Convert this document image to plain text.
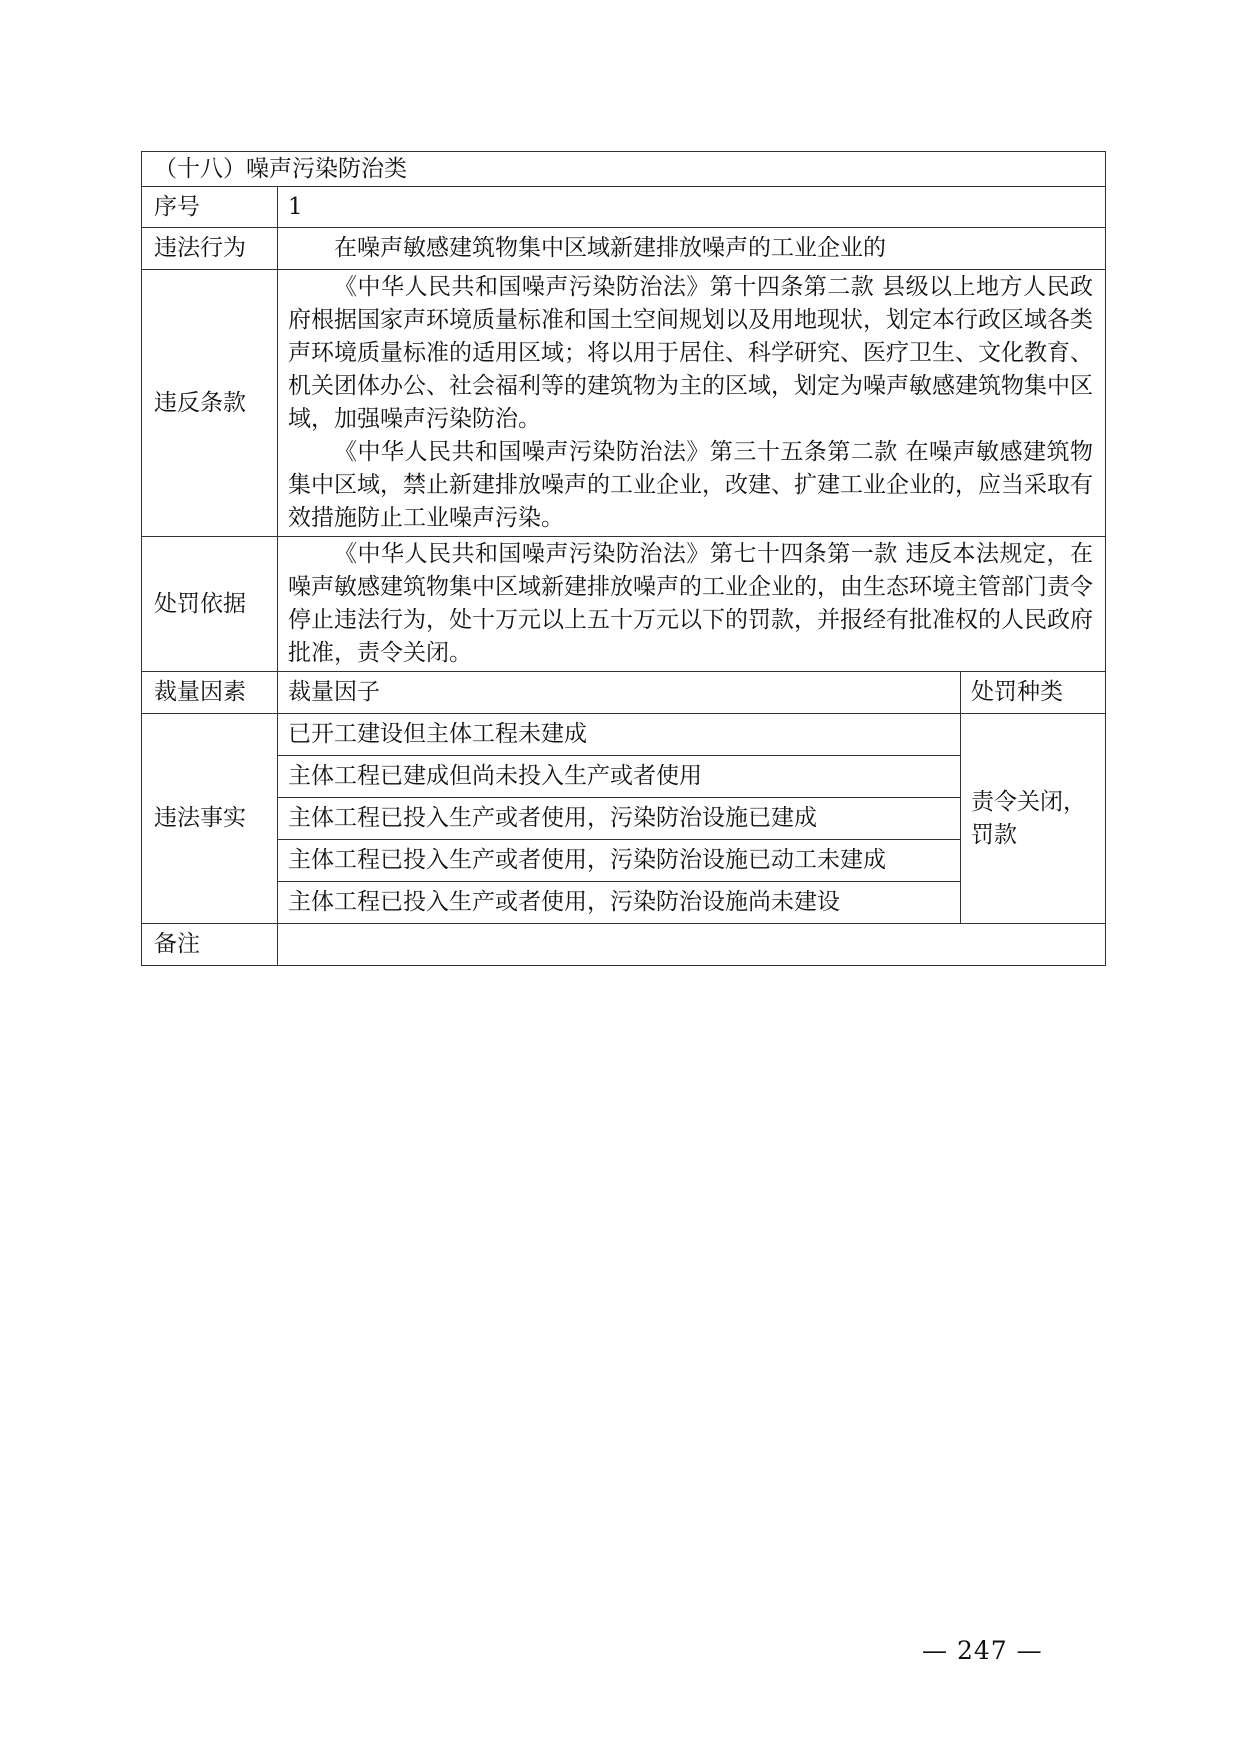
（十八）噪声污染防治类		
序号	1	
违法行为	在噪声敏感建筑物集中区域新建排放噪声的工业企业的	

违反条款	《中华人民共和国噪声污染防治法》第十四条第二款 县级以上地方人民政府根据国家声环境质量标准和国土空间规划以及用地现状，划定本行政区域各类声环境质量标准的适用区域；将以用于居住、科学研究、医疗卫生、文化教育、机关团体办公、社会福利等的建筑物为主的区域，划定为噪声敏感建筑物集中区域，加强噪声污染防治。

《中华人民共和国噪声污染防治法》第三十五条第二款 在噪声敏感建筑物集中区域，禁止新建排放噪声的工业企业，改建、扩建工业企业的，应当采取有效措施防止工业噪声污染。	

处罚依据	《中华人民共和国噪声污染防治法》第七十四条第一款 违反本法规定，在噪声敏感建筑物集中区域新建排放噪声的工业企业的，由生态环境主管部门责令停止违法行为，处十万元以上五十万元以下的罚款，并报经有批准权的人民政府批准，责令关闭。	

裁量因素	裁量因子	处罚种类
违法事实	已开工建设但主体工程未建成	责令关闭，
罚款

	主体工程已建成但尚未投入生产或者使用	
	主体工程已投入生产或者使用，污染防治设施已建成	
	主体工程已投入生产或者使用，污染防治设施已动工未建成	
	主体工程已投入生产或者使用，污染防治设施尚未建设	
备注		
— 247 —
